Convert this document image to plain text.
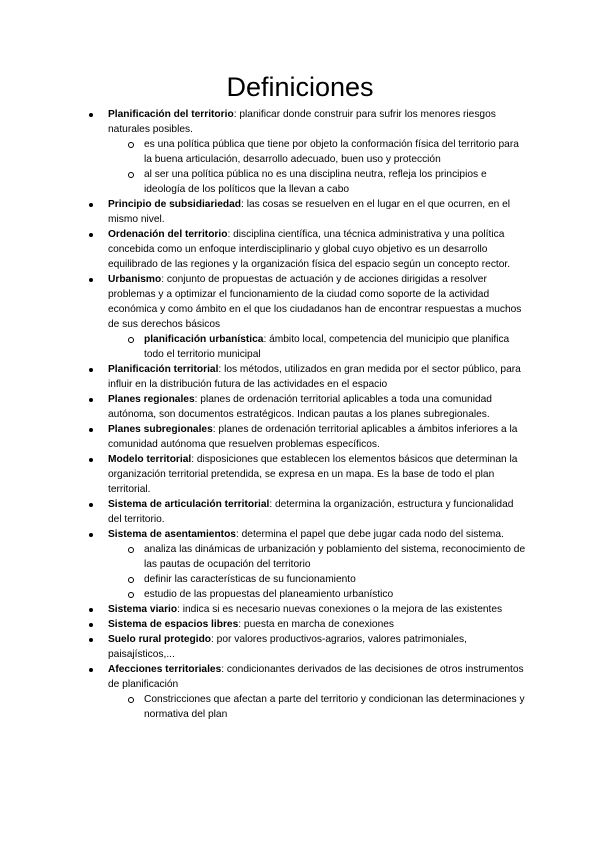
Definiciones
Planificación del territorio: planificar donde construir para sufrir los menores riesgos naturales posibles.
es una política pública que tiene por objeto la conformación física del territorio para la buena articulación, desarrollo adecuado, buen uso y protección
al ser una política pública no es una disciplina neutra, refleja los principios e ideología de los políticos que la llevan a cabo
Principio de subsidiariedad: las cosas se resuelven en el lugar en el que ocurren, en el mismo nivel.
Ordenación del territorio: disciplina científica, una técnica administrativa y una política concebida como un enfoque interdisciplinario y global cuyo objetivo es un desarrollo equilibrado de las regiones y la organización física del espacio según un concepto rector.
Urbanismo: conjunto de propuestas de actuación y de acciones dirigidas a resolver problemas y a optimizar el funcionamiento de la ciudad como soporte de la actividad económica y como ámbito en el que los ciudadanos han de encontrar respuestas a muchos de sus derechos básicos
planificación urbanística: ámbito local, competencia del municipio que planifica todo el territorio municipal
Planificación territorial: los métodos, utilizados en gran medida por el sector público, para influir en la distribución futura de las actividades en el espacio
Planes regionales: planes de ordenación territorial aplicables a toda una comunidad autónoma, son documentos estratégicos. Indican pautas a los planes subregionales.
Planes subregionales: planes de ordenación territorial aplicables a ámbitos inferiores a la comunidad autónoma que resuelven problemas específicos.
Modelo territorial: disposiciones que establecen los elementos básicos que determinan la organización territorial pretendida, se expresa en un mapa. Es la base de todo el plan territorial.
Sistema de articulación territorial: determina la organización, estructura y funcionalidad del territorio.
Sistema de asentamientos: determina el papel que debe jugar cada nodo del sistema.
analiza las dinámicas de urbanización y poblamiento del sistema, reconocimiento de las pautas de ocupación del territorio
definir las características de su funcionamiento
estudio de las propuestas del planeamiento urbanístico
Sistema viario: indica si es necesario nuevas conexiones o la mejora de las existentes
Sistema de espacios libres: puesta en marcha de conexiones
Suelo rural protegido: por valores productivos-agrarios, valores patrimoniales, paisajísticos,...
Afecciones territoriales: condicionantes derivados de las decisiones de otros instrumentos de planificación
Constricciones que afectan a parte del territorio y condicionan las determinaciones y normativa del plan
